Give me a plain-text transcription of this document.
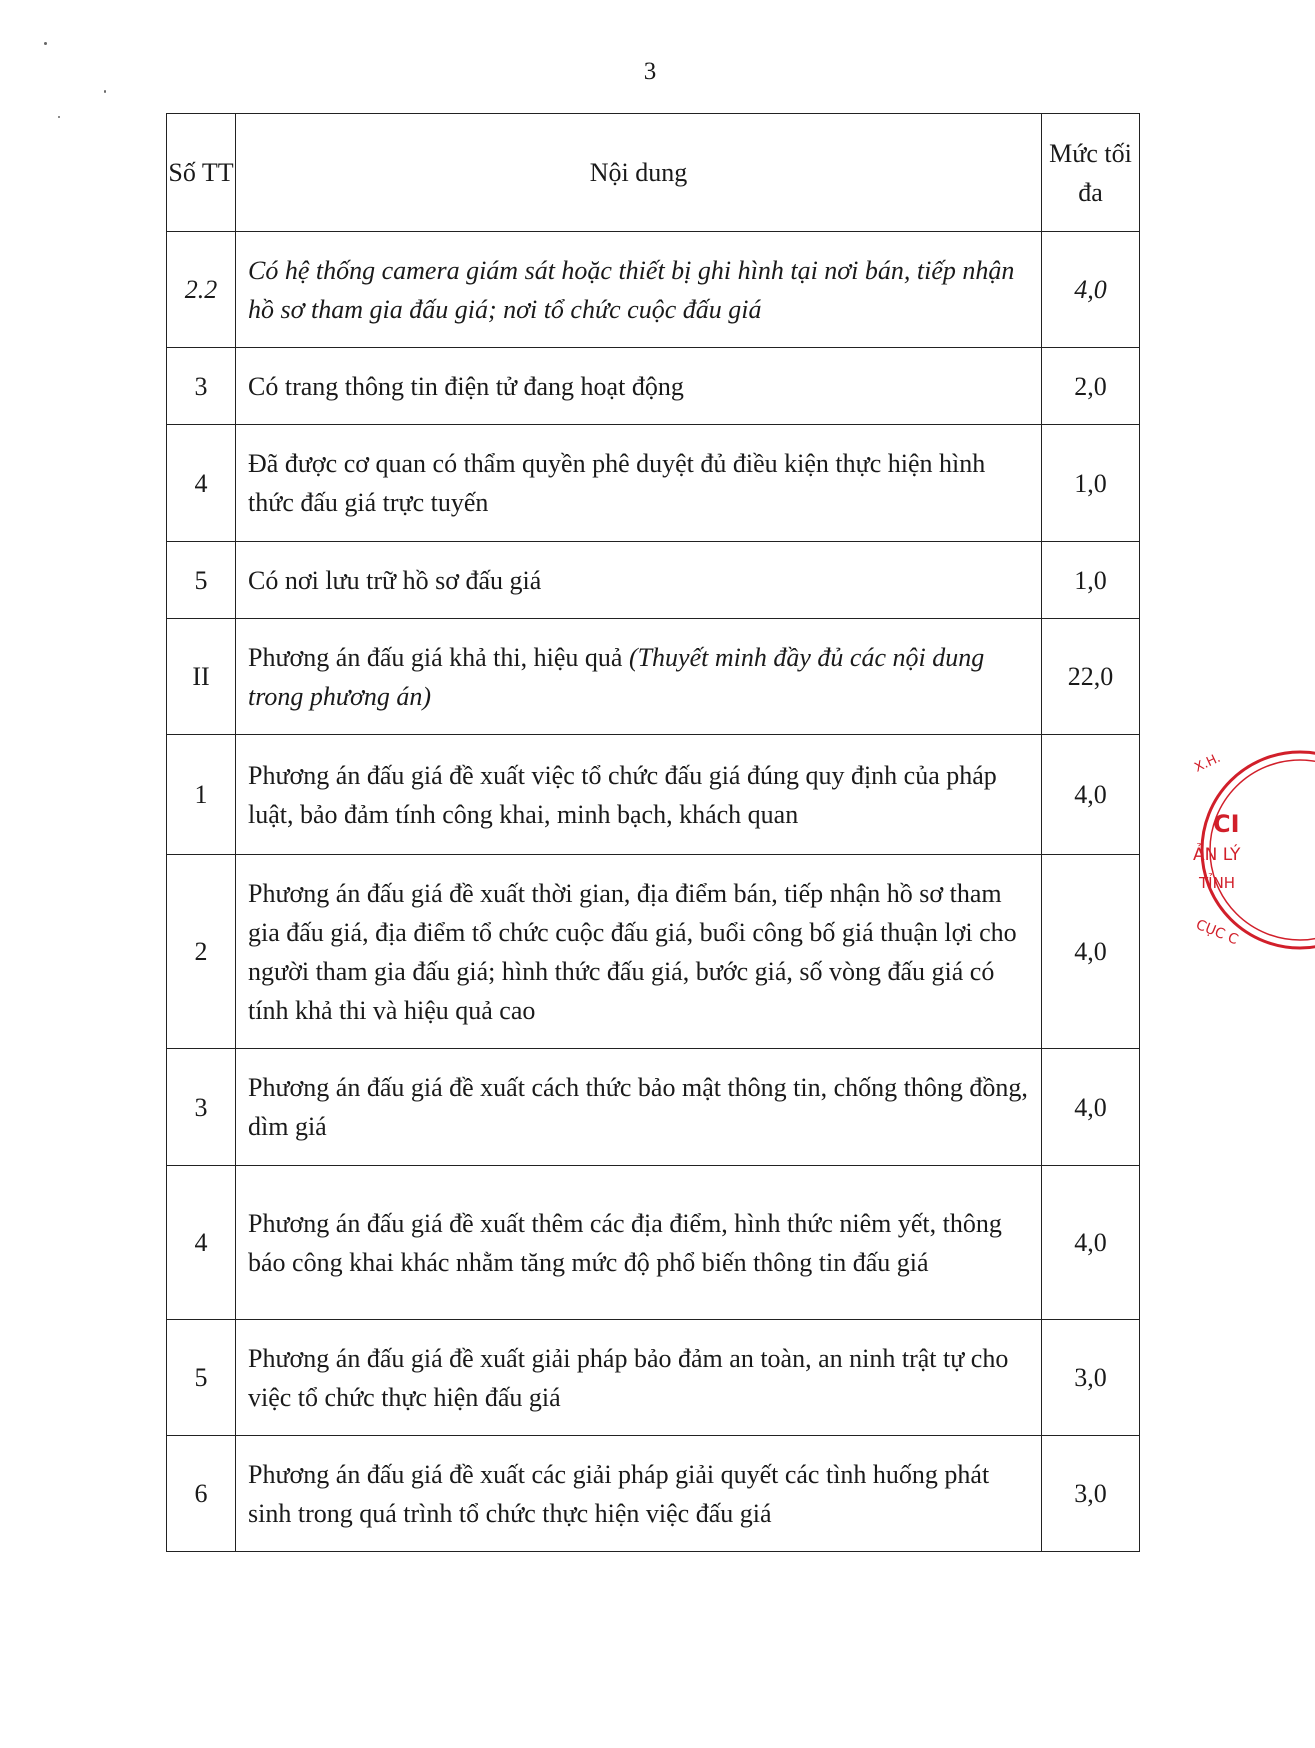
3
Số TT	Nội dung	Mức tối đa
2.2	Có hệ thống camera giám sát hoặc thiết bị ghi hình tại nơi bán, tiếp nhận hồ sơ tham gia đấu giá; nơi tổ chức cuộc đấu giá	4,0
3	Có trang thông tin điện tử đang hoạt động	2,0
4	Đã được cơ quan có thẩm quyền phê duyệt đủ điều kiện thực hiện hình thức đấu giá trực tuyến	1,0
5	Có nơi lưu trữ hồ sơ đấu giá	1,0
II	Phương án đấu giá khả thi, hiệu quả (Thuyết minh đầy đủ các nội dung trong phương án)	22,0
1	Phương án đấu giá đề xuất việc tổ chức đấu giá đúng quy định của pháp luật, bảo đảm tính công khai, minh bạch, khách quan	4,0
2	Phương án đấu giá đề xuất thời gian, địa điểm bán, tiếp nhận hồ sơ tham gia đấu giá, địa điểm tổ chức cuộc đấu giá, buổi công bố giá thuận lợi cho người tham gia đấu giá; hình thức đấu giá, bước giá, số vòng đấu giá có tính khả thi và hiệu quả cao	4,0
3	Phương án đấu giá đề xuất cách thức bảo mật thông tin, chống thông đồng, dìm giá	4,0
4	Phương án đấu giá đề xuất thêm các địa điểm, hình thức niêm yết, thông báo công khai khác nhằm tăng mức độ phổ biến thông tin đấu giá	4,0
5	Phương án đấu giá đề xuất giải pháp bảo đảm an toàn, an ninh trật tự cho việc tổ chức thực hiện đấu giá	3,0
6	Phương án đấu giá đề xuất các giải pháp giải quyết các tình huống phát sinh trong quá trình tổ chức thực hiện việc đấu giá	3,0
X.H.
CI
ẢN LÝ
TỈNH
CỤC C
